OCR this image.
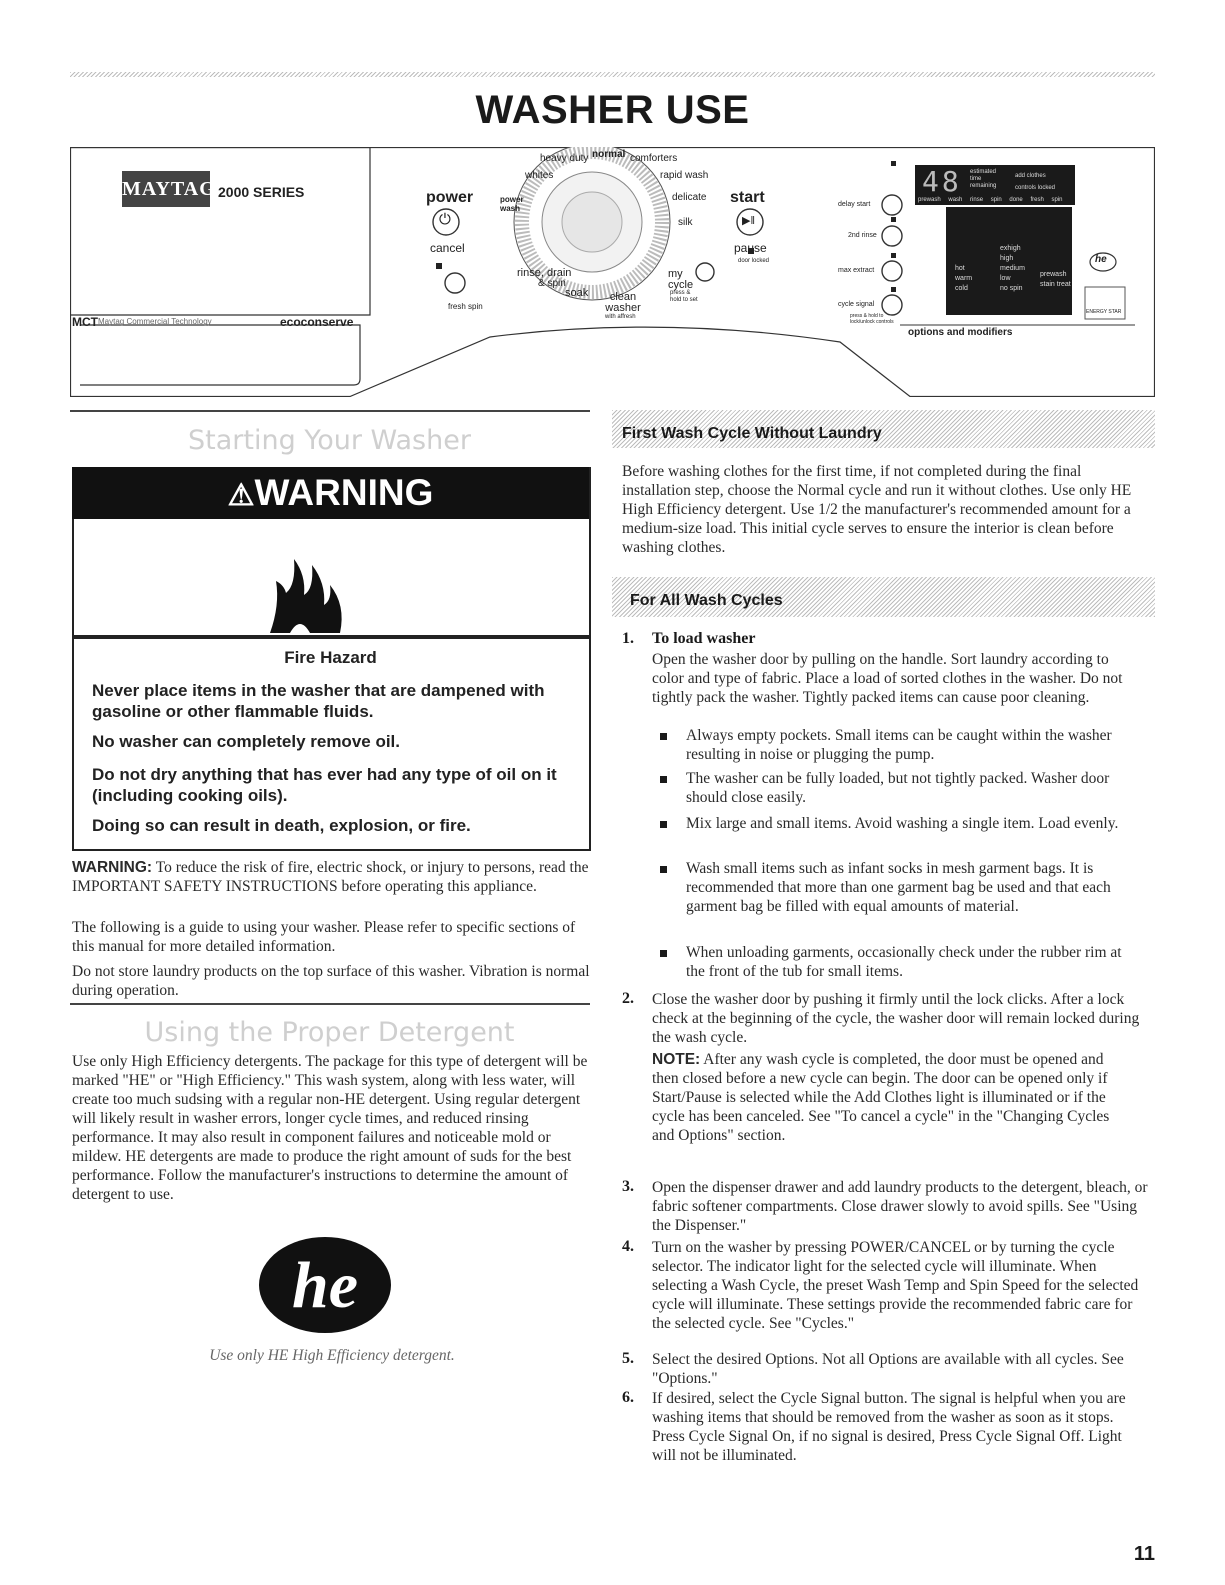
WASHER USE
MAYTAG 2000 SERIES
MCT Maytag Commercial Technology	ecoconserve
power
⏻
cancel
fresh spin
power wash
heavy duty normal comforters
whites	rapid wash
delicate
silk
rinse, drain
& spin
soak	clean washer
with affresh
my cycle
press & hold to set
start
▶‖
pause
door locked
delay start
2nd rinse
max extract
cycle signal
press & hold to lock/unlock controls
48 estimated time remaining
add clothes
controls locked
prewash wash rinse spin done fresh spin
hot
warm
cold
exhigh
high
medium
low
no spin
prewash
stain treat
options and modifiers
he
ENERGY STAR
Starting Your Washer
⚠WARNING
Fire Hazard
Never place items in the washer that are dampened with gasoline or other flammable fluids.
No washer can completely remove oil.
Do not dry anything that has ever had any type of oil on it (including cooking oils).
Doing so can result in death, explosion, or fire.
WARNING: To reduce the risk of fire, electric shock, or injury to persons, read the IMPORTANT SAFETY INSTRUCTIONS before operating this appliance.
The following is a guide to using your washer. Please refer to specific sections of this manual for more detailed information.
Do not store laundry products on the top surface of this washer. Vibration is normal during operation.
Using the Proper Detergent
Use only High Efficiency detergents. The package for this type of detergent will be marked "HE" or "High Efficiency." This wash system, along with less water, will create too much sudsing with a regular non-HE detergent. Using regular detergent will likely result in washer errors, longer cycle times, and reduced rinsing performance. It may also result in component failures and noticeable mold or mildew. HE detergents are made to produce the right amount of suds for the best performance. Follow the manufacturer's instructions to determine the amount of detergent to use.
he
Use only HE High Efficiency detergent.
First Wash Cycle Without Laundry
Before washing clothes for the first time, if not completed during the final installation step, choose the Normal cycle and run it without clothes. Use only HE High Efficiency detergent. Use 1/2 the manufacturer's recommended amount for a medium-size load. This initial cycle serves to ensure the interior is clean before washing clothes.
For All Wash Cycles
1. To load washer
Open the washer door by pulling on the handle. Sort laundry according to color and type of fabric. Place a load of sorted clothes in the washer. Do not tightly pack the washer. Tightly packed items can cause poor cleaning.
Always empty pockets. Small items can be caught within the washer resulting in noise or plugging the pump.
The washer can be fully loaded, but not tightly packed. Washer door should close easily.
Mix large and small items. Avoid washing a single item. Load evenly.
Wash small items such as infant socks in mesh garment bags. It is recommended that more than one garment bag be used and that each garment bag be filled with equal amounts of material.
When unloading garments, occasionally check under the rubber rim at the front of the tub for small items.
2. Close the washer door by pushing it firmly until the lock clicks. After a lock check at the beginning of the cycle, the washer door will remain locked during the wash cycle.
NOTE: After any wash cycle is completed, the door must be opened and then closed before a new cycle can begin. The door can be opened only if Start/Pause is selected while the Add Clothes light is illuminated or if the cycle has been canceled. See "To cancel a cycle" in the "Changing Cycles and Options" section.
3. Open the dispenser drawer and add laundry products to the detergent, bleach, or fabric softener compartments. Close drawer slowly to avoid spills. See "Using the Dispenser."
4. Turn on the washer by pressing POWER/CANCEL or by turning the cycle selector. The indicator light for the selected cycle will illuminate. When selecting a Wash Cycle, the preset Wash Temp and Spin Speed for the selected cycle will illuminate. These settings provide the recommended fabric care for the selected cycle. See "Cycles."
5. Select the desired Options. Not all Options are available with all cycles. See "Options."
6. If desired, select the Cycle Signal button. The signal is helpful when you are washing items that should be removed from the washer as soon as it stops. Press Cycle Signal On, if no signal is desired, Press Cycle Signal Off. Light will not be illuminated.
11
